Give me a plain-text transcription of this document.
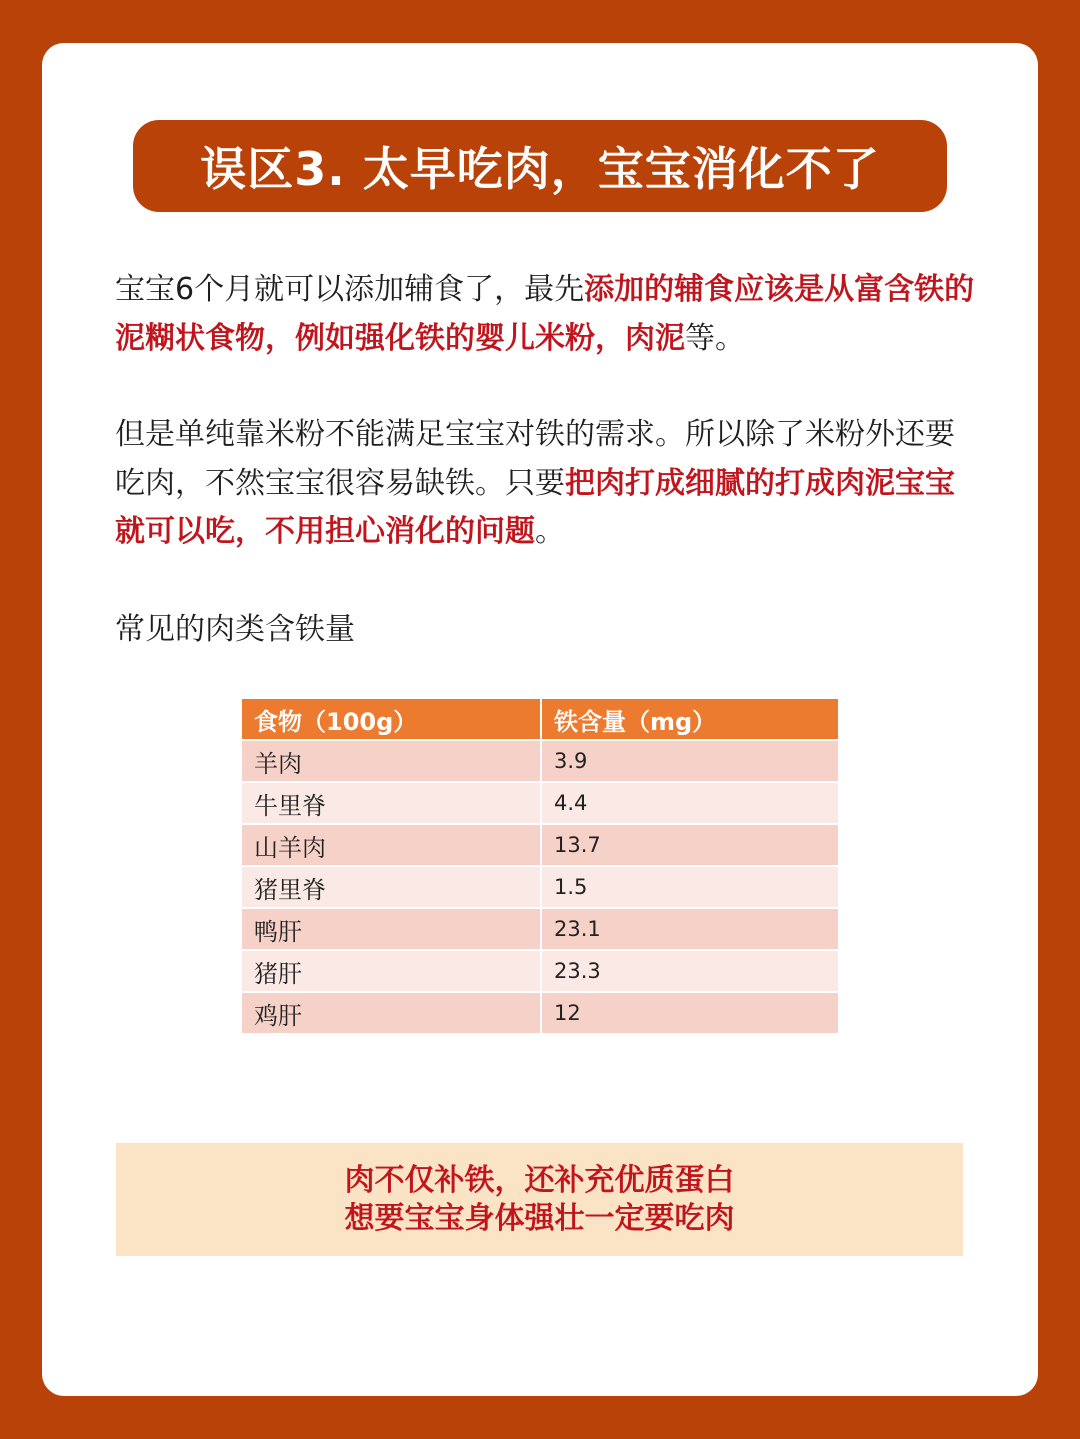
误区3. 太早吃肉，宝宝消化不了

宝宝6个月就可以添加辅食了，最先添加的辅食应该是从富含铁的泥糊状食物，例如强化铁的婴儿米粉，肉泥等。

但是单纯靠米粉不能满足宝宝对铁的需求。所以除了米粉外还要吃肉，不然宝宝很容易缺铁。只要把肉打成细腻的打成肉泥宝宝就可以吃，不用担心消化的问题。

常见的肉类含铁量

食物（100g）	铁含量（mg）
羊肉	3.9
牛里脊	4.4
山羊肉	13.7
猪里脊	1.5
鸭肝	23.1
猪肝	23.3
鸡肝	12
肉不仅补铁，还补充优质蛋白
想要宝宝身体强壮一定要吃肉
